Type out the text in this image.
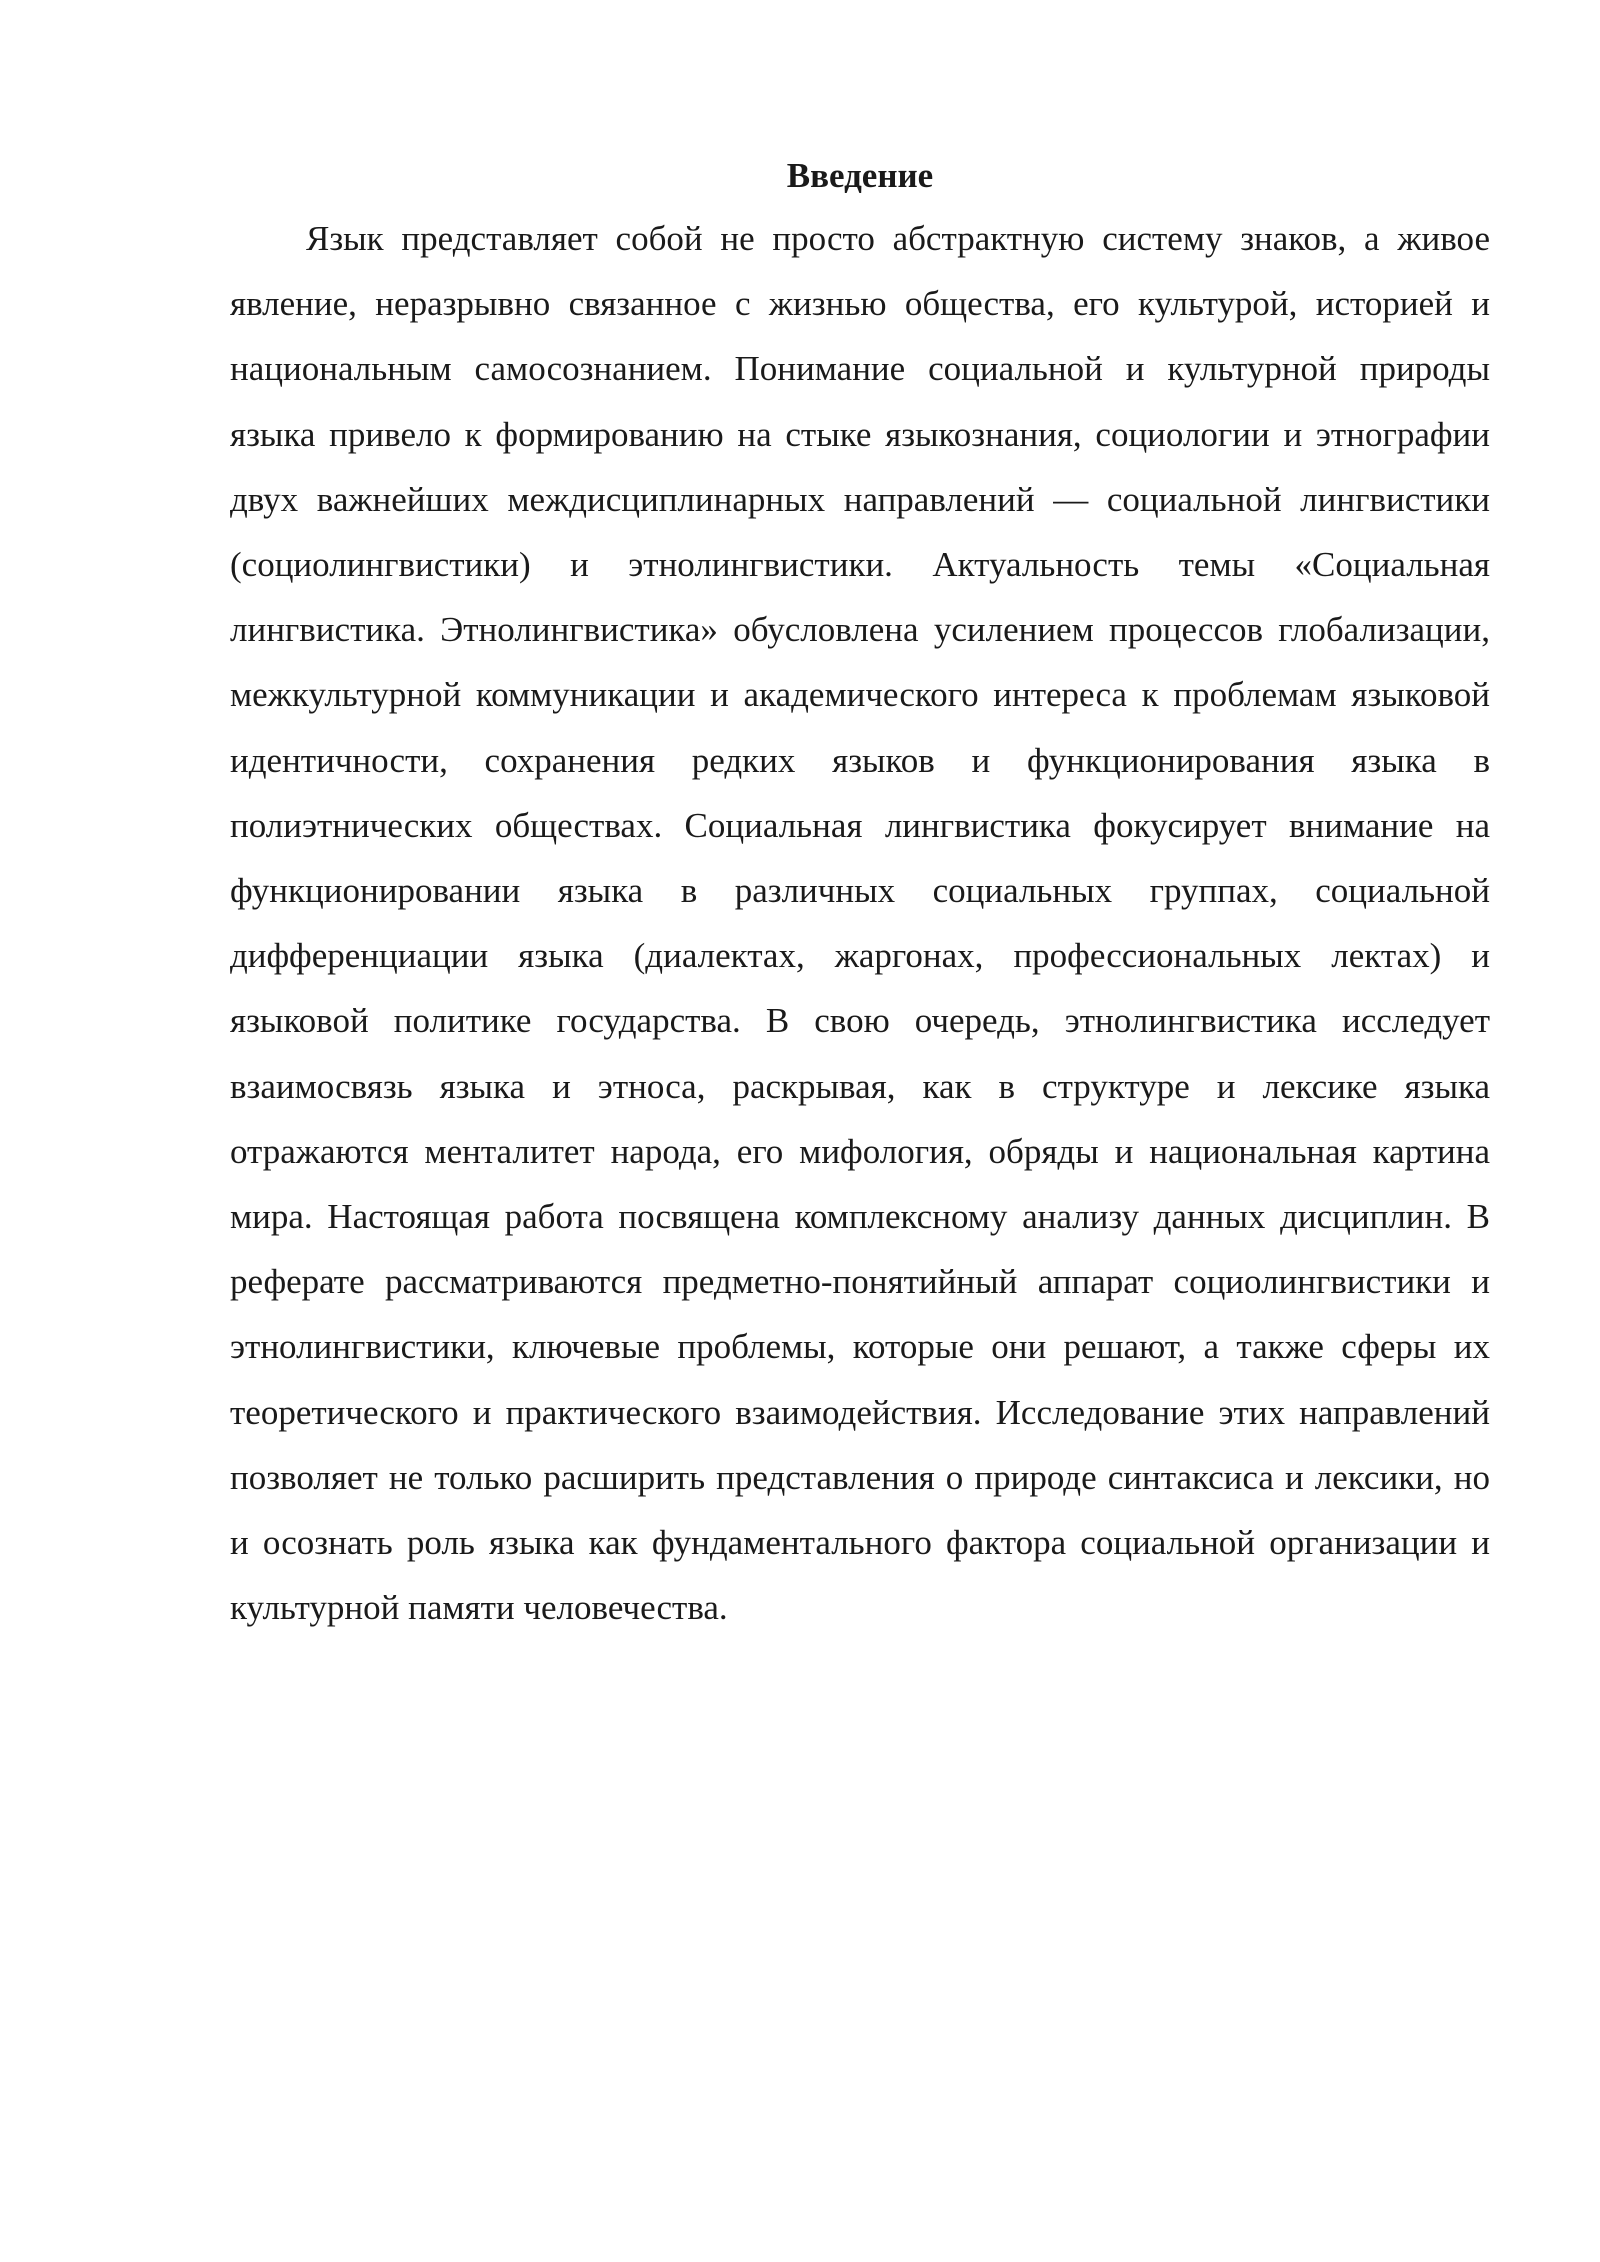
Введение

Язык представляет собой не просто абстрактную систему знаков, а живое явление, неразрывно связанное с жизнью общества, его культурой, историей и национальным самосознанием. Понимание социальной и культурной природы языка привело к формированию на стыке языкознания, социологии и этнографии двух важнейших междисциплинарных направлений — социальной лингвистики (социолингвистики) и этнолингвистики. Актуальность темы «Социальная лингвистика. Этнолингвистика» обусловлена усилением процессов глобализации, межкультурной коммуникации и академического интереса к проблемам языковой идентичности, сохранения редких языков и функционирования языка в полиэтнических обществах. Социальная лингвистика фокусирует внимание на функционировании языка в различных социальных группах, социальной дифференциации языка (диалектах, жаргонах, профессиональных лектах) и языковой политике государства. В свою очередь, этнолингвистика исследует взаимосвязь языка и этноса, раскрывая, как в структуре и лексике языка отражаются менталитет народа, его мифология, обряды и национальная картина мира. Настоящая работа посвящена комплексному анализу данных дисциплин. В реферате рассматриваются предметно-понятийный аппарат социолингвистики и этнолингвистики, ключевые проблемы, которые они решают, а также сферы их теоретического и практического взаимодействия. Исследование этих направлений позволяет не только расширить представления о природе синтаксиса и лексики, но и осознать роль языка как фундаментального фактора социальной организации и культурной памяти человечества.
